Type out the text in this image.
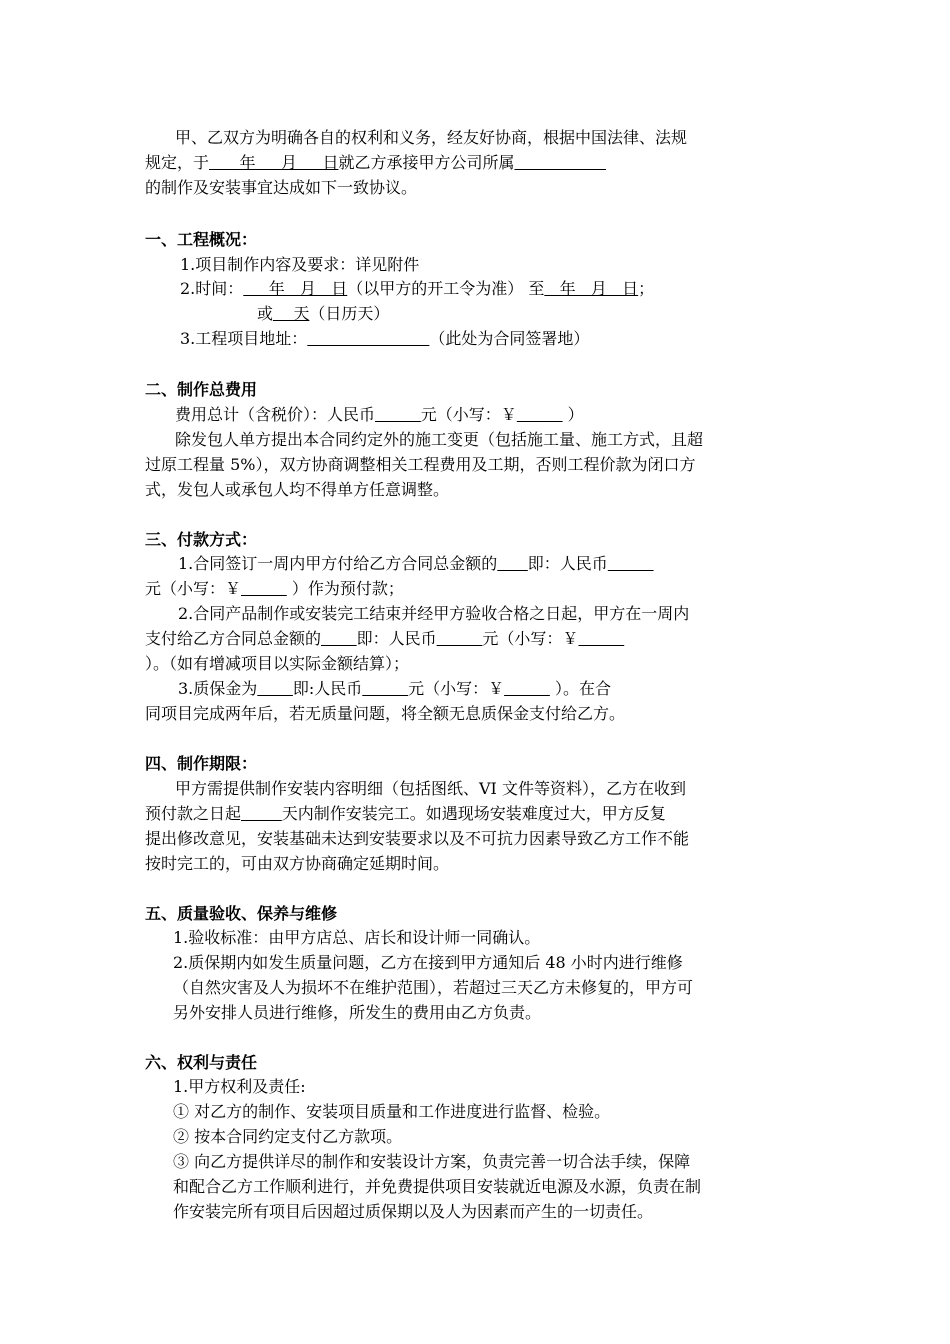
甲、乙双方为明确各自的权利和义务，经友好协商，根据中国法律、法规
规定，于 年 月 日就乙方承接甲方公司所属
的制作及安装事宜达成如下一致协议。
一、工程概况：
1.项目制作内容及要求：详见附件
2.时间：     年   月   日（以甲方的开工令为准） 至   年   月   日；
或    天（日历天）
3.工程项目地址：	（此处为合同签署地）
二、制作总费用
费用总计（含税价）：人民币	元（小写：￥	）
除发包人单方提出本合同约定外的施工变更（包括施工量、施工方式，且超
过原工程量 5%），双方协商调整相关工程费用及工期，否则工程价款为闭口方
式，发包人或承包人均不得单方任意调整。
三、付款方式：
1.合同签订一周内甲方付给乙方合同总金额的 即：人民币
元（小写：￥	）作为预付款；
2.合同产品制作或安装完工结束并经甲方验收合格之日起，甲方在一周内
支付给乙方合同总金额的 即：人民币	元（小写：￥
）。（如有增减项目以实际金额结算）；
3.质保金为 即:人民币	元（小写：￥	）。在合
同项目完成两年后，若无质量问题，将全额无息质保金支付给乙方。
四、制作期限：
甲方需提供制作安装内容明细（包括图纸、VI 文件等资料），乙方在收到
预付款之日起	天内制作安装完工。如遇现场安装难度过大，甲方反复
提出修改意见，安装基础未达到安装要求以及不可抗力因素导致乙方工作不能
按时完工的，可由双方协商确定延期时间。
五、质量验收、保养与维修
1.验收标准：由甲方店总、店长和设计师一同确认。
2.质保期内如发生质量问题，乙方在接到甲方通知后 48 小时内进行维修
（自然灾害及人为损坏不在维护范围），若超过三天乙方未修复的，甲方可
另外安排人员进行维修，所发生的费用由乙方负责。
六、权利与责任
1.甲方权利及责任:
① 对乙方的制作、安装项目质量和工作进度进行监督、检验。
② 按本合同约定支付乙方款项。
③ 向乙方提供详尽的制作和安装设计方案，负责完善一切合法手续，保障
和配合乙方工作顺利进行，并免费提供项目安装就近电源及水源，负责在制
作安装完所有项目后因超过质保期以及人为因素而产生的一切责任。
